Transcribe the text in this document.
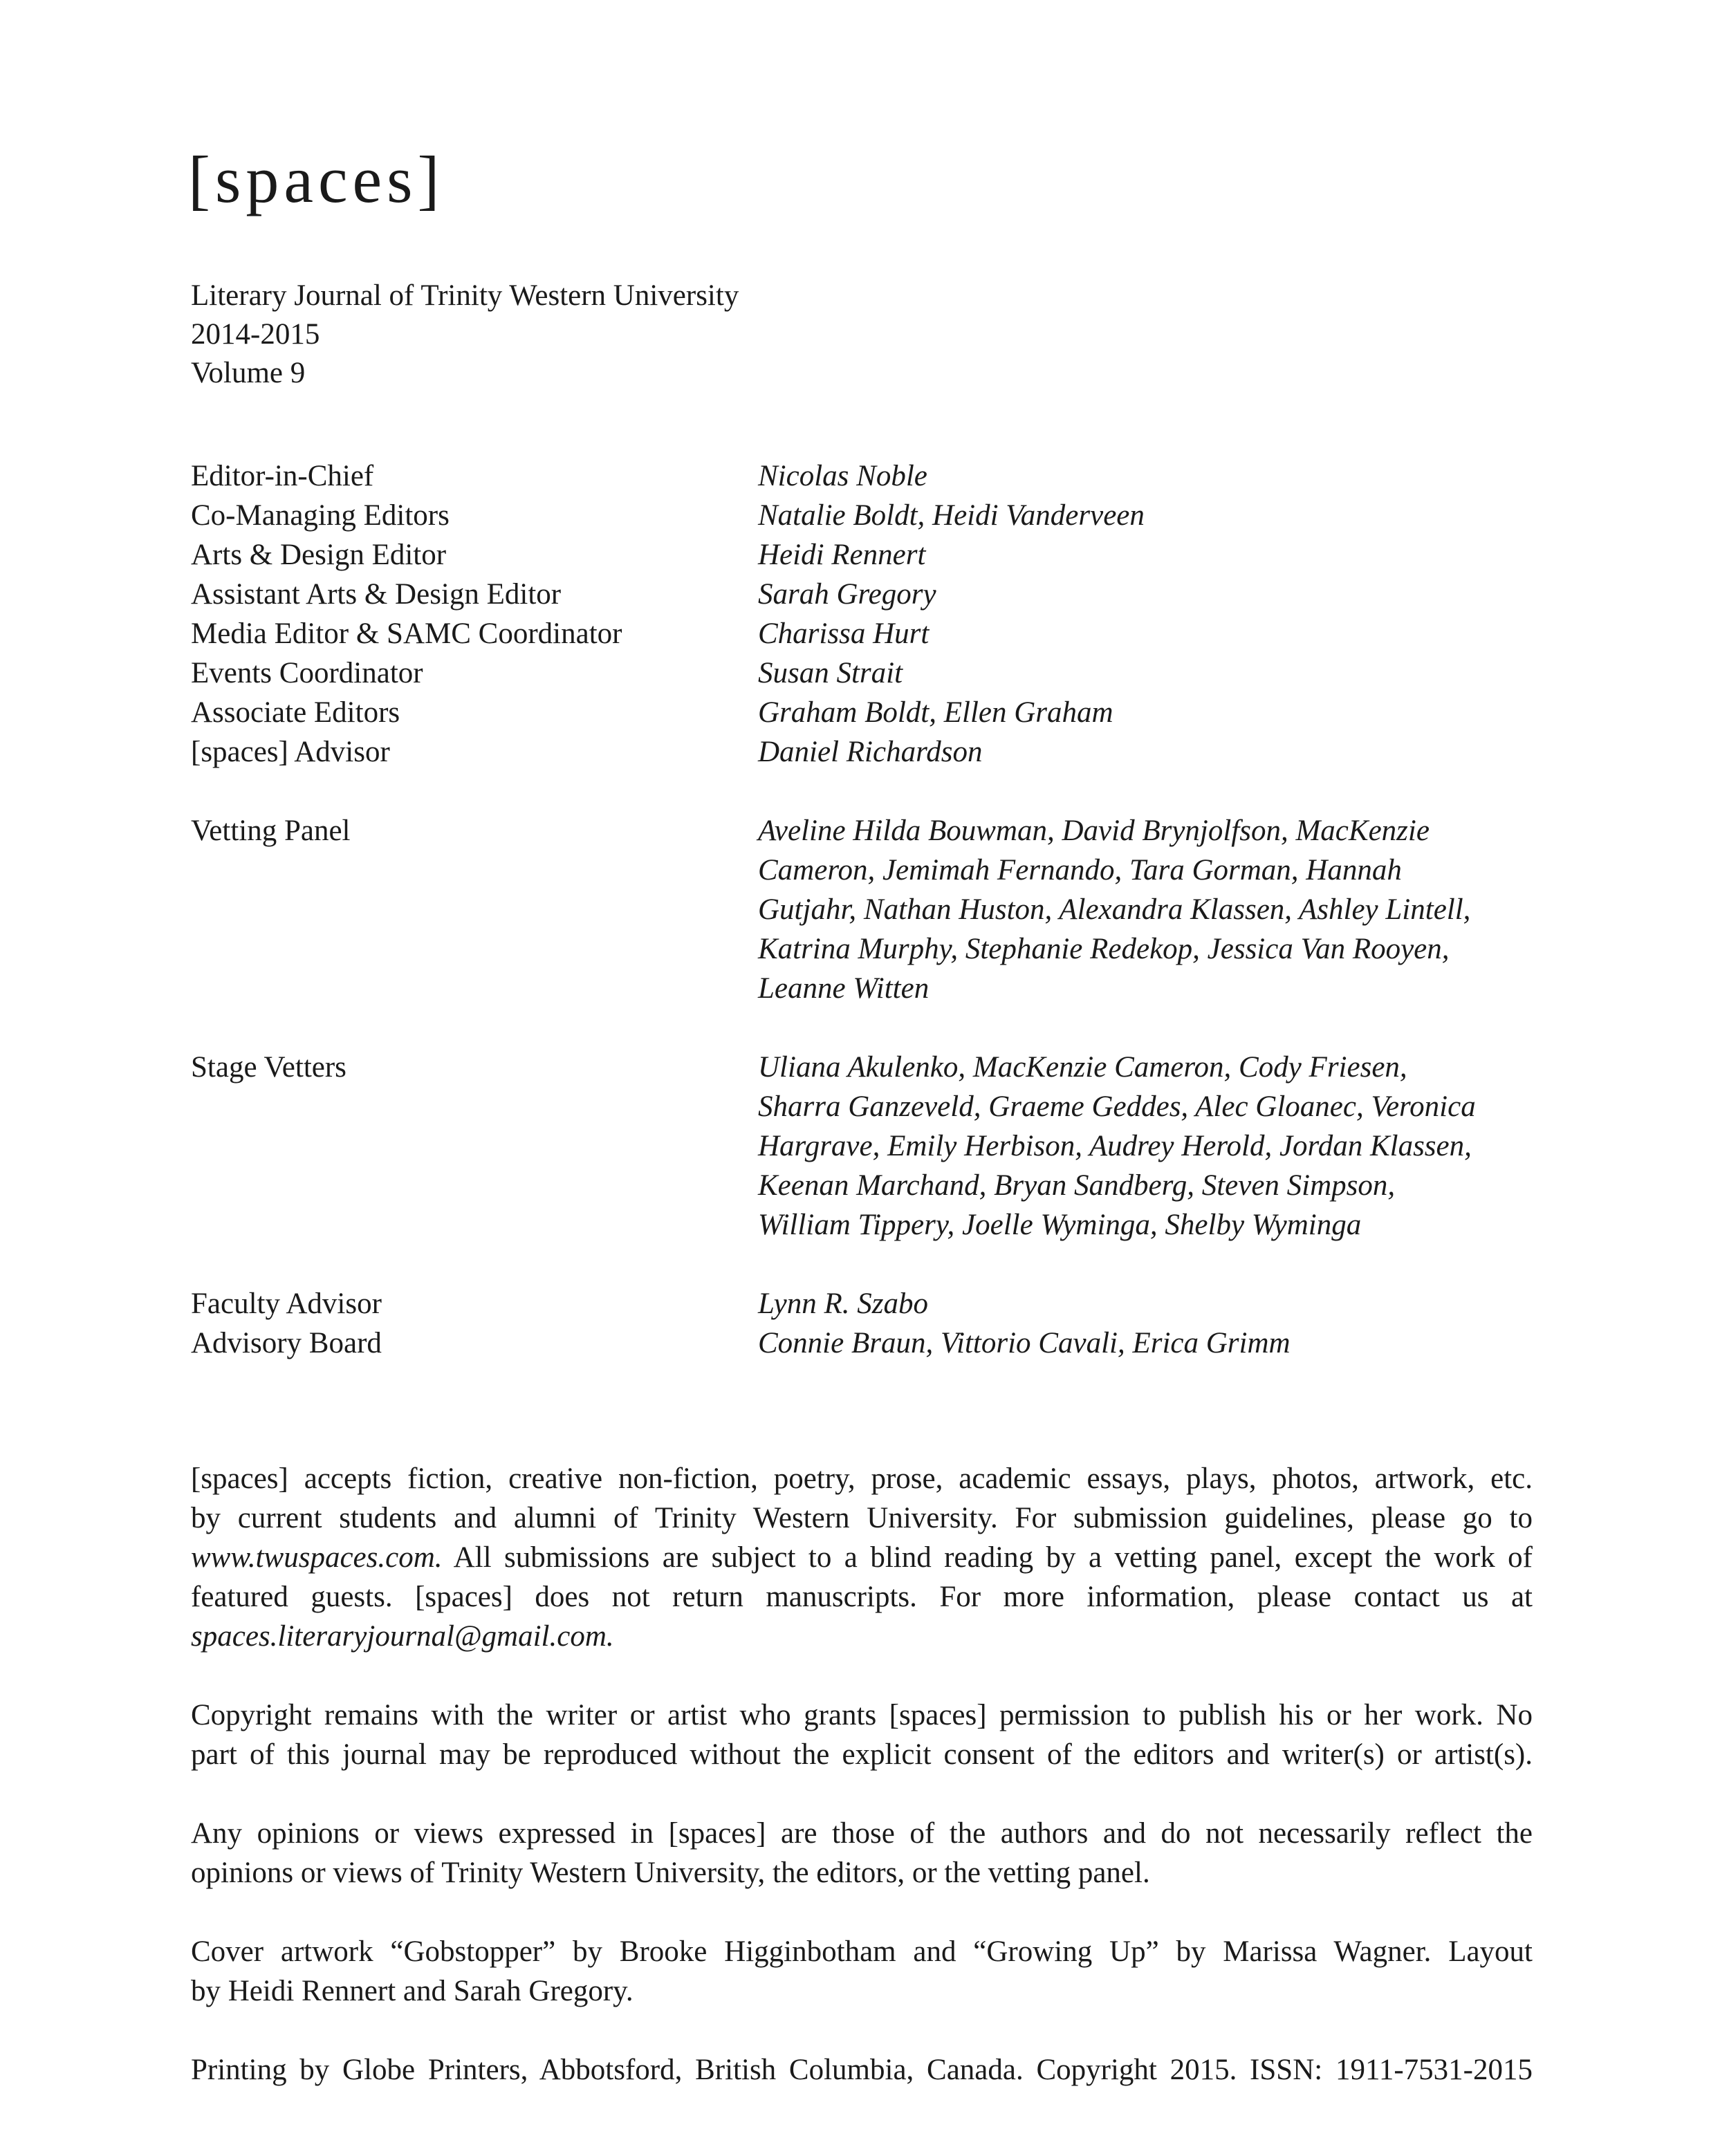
[spaces]
Literary Journal of Trinity Western University
2014-2015
Volume 9
Editor-in-Chief	Nicolas Noble
Co-Managing Editors	Natalie Boldt, Heidi Vanderveen
Arts & Design Editor	Heidi Rennert
Assistant Arts & Design Editor	Sarah Gregory
Media Editor & SAMC Coordinator	Charissa Hurt
Events Coordinator	Susan Strait
Associate Editors	Graham Boldt, Ellen Graham
[spaces] Advisor	Daniel Richardson
Vetting Panel	Aveline Hilda Bouwman, David Brynjolfson, MacKenzie
Cameron, Jemimah Fernando, Tara Gorman, Hannah
Gutjahr, Nathan Huston, Alexandra Klassen, Ashley Lintell,
Katrina Murphy, Stephanie Redekop, Jessica Van Rooyen,
Leanne Witten
Stage Vetters	Uliana Akulenko, MacKenzie Cameron, Cody Friesen,
Sharra Ganzeveld, Graeme Geddes, Alec Gloanec, Veronica
Hargrave, Emily Herbison, Audrey Herold, Jordan Klassen,
Keenan Marchand, Bryan Sandberg, Steven Simpson,
William Tippery, Joelle Wyminga, Shelby Wyminga
Faculty Advisor	Lynn R. Szabo
Advisory Board	Connie Braun, Vittorio Cavali, Erica Grimm

[spaces] accepts fiction, creative non-fiction, poetry, prose, academic essays, plays, photos, artwork, etc.
by current students and alumni of Trinity Western University. For submission guidelines, please go to
www.twuspaces.com. All submissions are subject to a blind reading by a vetting panel, except the work of
featured guests. [spaces] does not return manuscripts. For more information, please contact us at
spaces.literaryjournal@gmail.com.

Copyright remains with the writer or artist who grants [spaces] permission to publish his or her work. No
part of this journal may be reproduced without the explicit consent of the editors and writer(s) or artist(s).

Any opinions or views expressed in [spaces] are those of the authors and do not necessarily reflect the
opinions or views of Trinity Western University, the editors, or the vetting panel.

Cover artwork “Gobstopper” by Brooke Higginbotham and “Growing Up” by Marissa Wagner. Layout
by Heidi Rennert and Sarah Gregory.

Printing by Globe Printers, Abbotsford, British Columbia, Canada. Copyright 2015. ISSN: 1911-7531-2015
